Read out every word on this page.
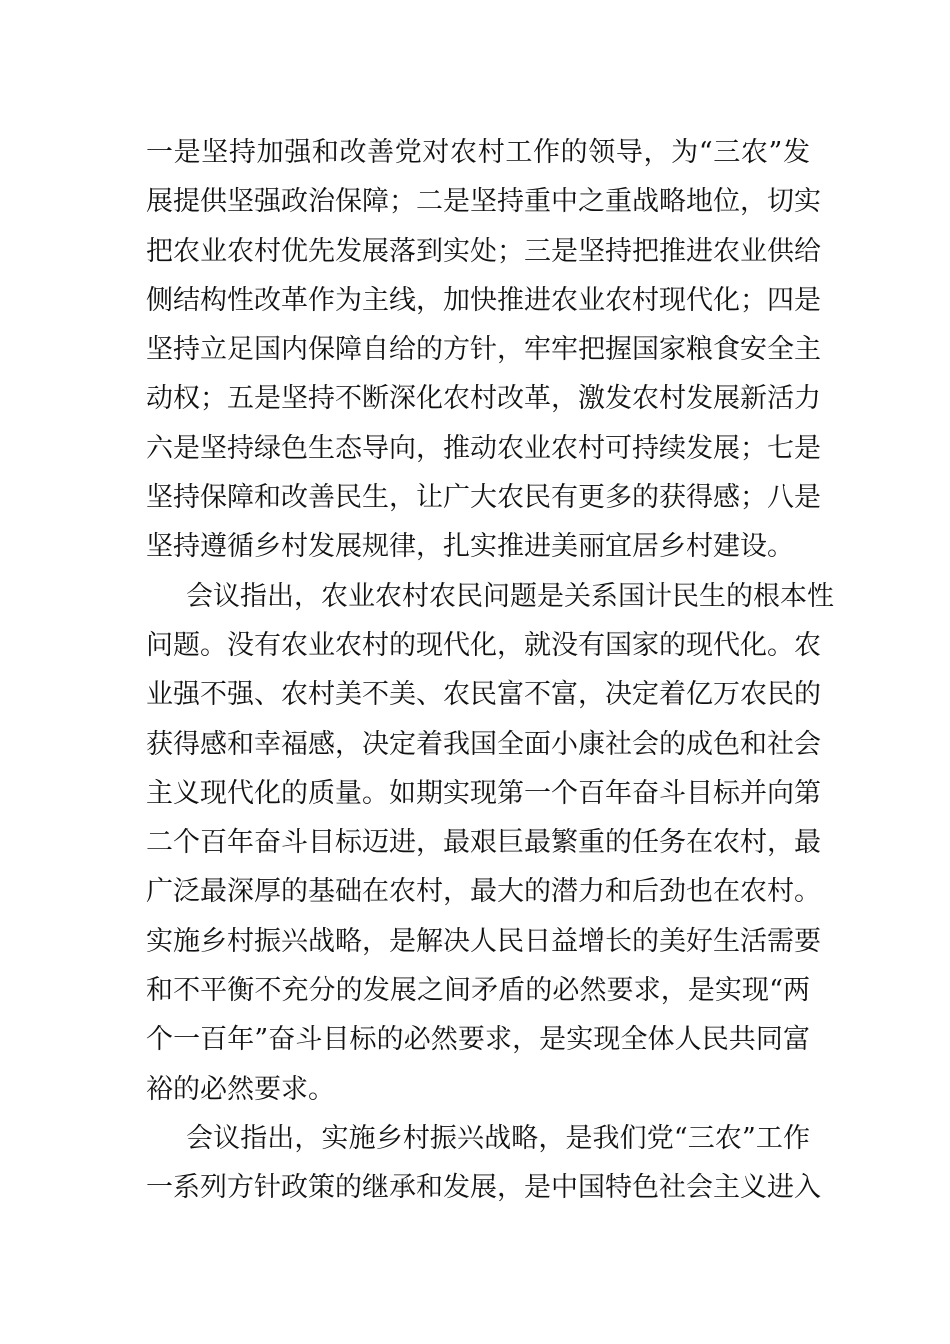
一是坚持加强和改善党对农村工作的领导，为“三农”发
展提供坚强政治保障；二是坚持重中之重战略地位，切实
把农业农村优先发展落到实处；三是坚持把推进农业供给
侧结构性改革作为主线，加快推进农业农村现代化；四是
坚持立足国内保障自给的方针，牢牢把握国家粮食安全主
动权；五是坚持不断深化农村改革，激发农村发展新活力
六是坚持绿色生态导向，推动农业农村可持续发展；七是
坚持保障和改善民生，让广大农民有更多的获得感；八是
坚持遵循乡村发展规律，扎实推进美丽宜居乡村建设。
会议指出，农业农村农民问题是关系国计民生的根本性
问题。没有农业农村的现代化，就没有国家的现代化。农
业强不强、农村美不美、农民富不富，决定着亿万农民的
获得感和幸福感，决定着我国全面小康社会的成色和社会
主义现代化的质量。如期实现第一个百年奋斗目标并向第
二个百年奋斗目标迈进，最艰巨最繁重的任务在农村，最
广泛最深厚的基础在农村，最大的潜力和后劲也在农村。
实施乡村振兴战略，是解决人民日益增长的美好生活需要
和不平衡不充分的发展之间矛盾的必然要求，是实现“两
个一百年”奋斗目标的必然要求，是实现全体人民共同富
裕的必然要求。
会议指出，实施乡村振兴战略，是我们党“三农”工作
一系列方针政策的继承和发展，是中国特色社会主义进入
